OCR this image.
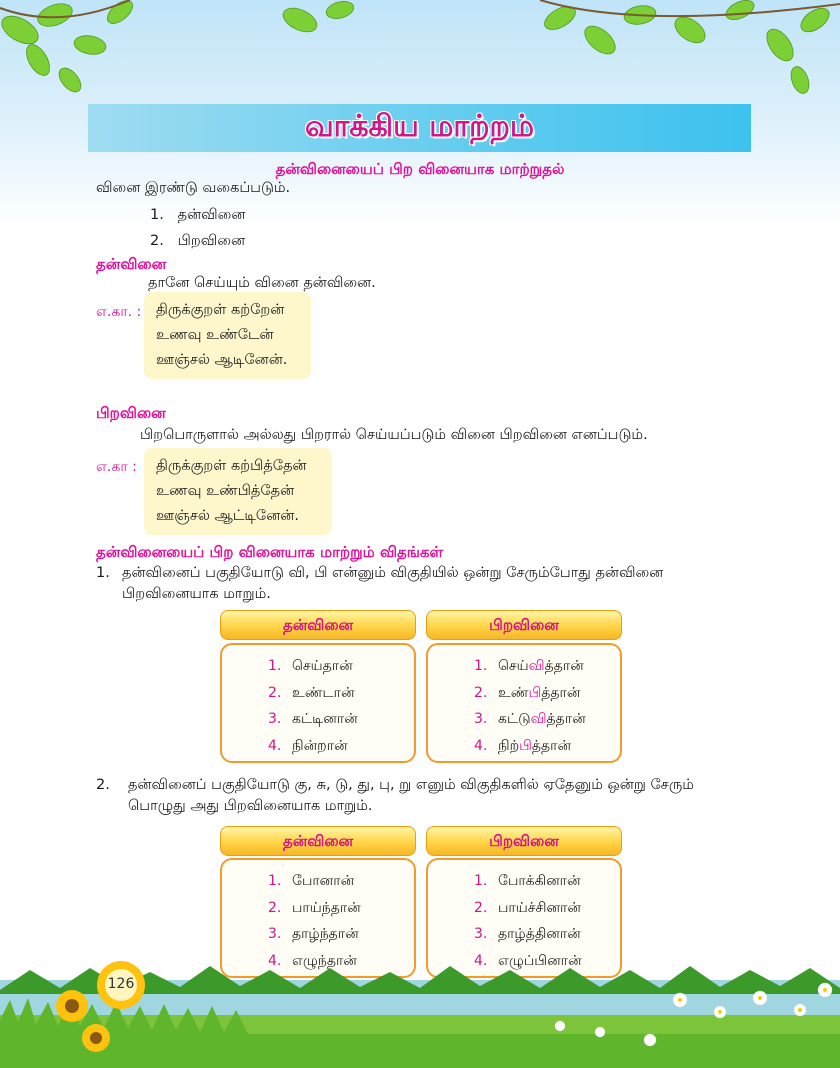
வாக்கிய மாற்றம்
தன்வினையைப் பிற வினையாக மாற்றுதல்
வினை இரண்டு வகைப்படும்.
1. தன்வினை
2. பிறவினை
தன்வினை
தானே செய்யும் வினை தன்வினை.
எ.கா. : திருக்குறள் கற்றேன்
உணவு உண்டேன்
ஊஞ்சல் ஆடினேன்.
பிறவினை
பிறபொருளால் அல்லது பிறரால் செய்யப்படும் வினை பிறவினை எனப்படும்.
எ.கா : திருக்குறள் கற்பித்தேன்
உணவு உண்பித்தேன்
ஊஞ்சல் ஆட்டினேன்.
தன்வினையைப் பிற வினையாக மாற்றும் விதங்கள்
1. தன்வினைப் பகுதியோடு வி, பி என்னும் விகுதியில் ஒன்று சேரும்போது தன்வினை
பிறவினையாக மாறும்.
தன்வினை	பிறவினை
1. செய்தான்
2. உண்டான்
3. கட்டினான்
4. நின்றான்
1. செய்வித்தான்
2. உண்பித்தான்
3. கட்டுவித்தான்
4. நிற்பித்தான்
2. தன்வினைப் பகுதியோடு கு, சு, டு, து, பு, று எனும் விகுதிகளில் ஏதேனும் ஒன்று சேரும்
பொழுது அது பிறவினையாக மாறும்.
தன்வினை	பிறவினை
1. போனான்
2. பாய்ந்தான்
3. தாழ்ந்தான்
4. எழுந்தான்
1. போக்கினான்
2. பாய்ச்சினான்
3. தாழ்த்தினான்
4. எழுப்பினான்
126
